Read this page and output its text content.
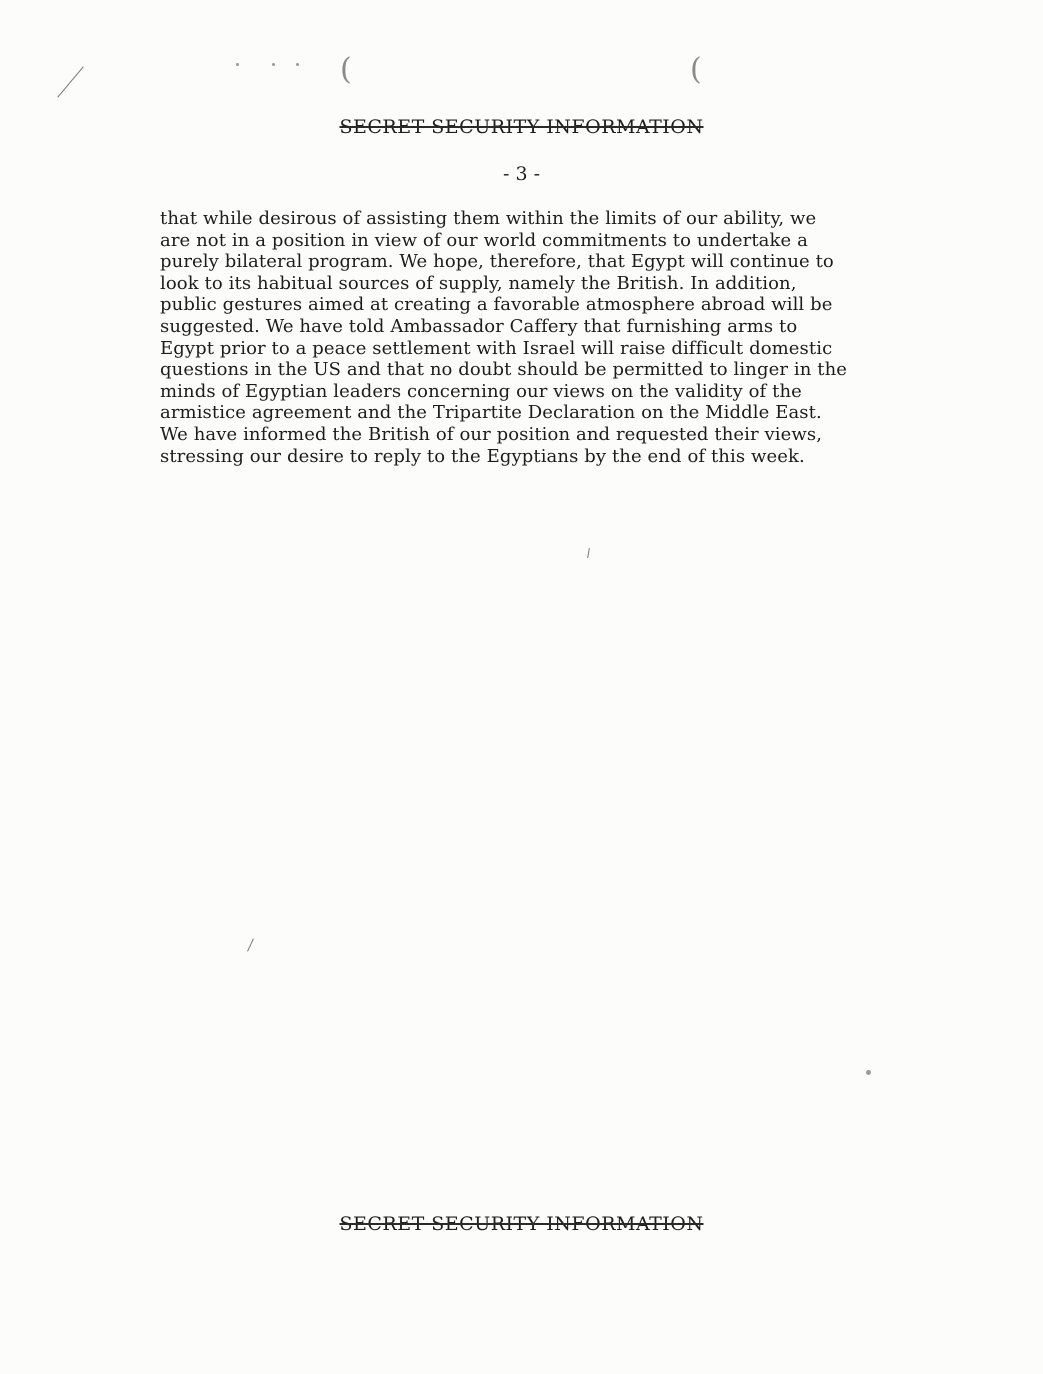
(	(
SECRET SECURITY INFORMATION
- 3 -

that while desirous of assisting them within the limits of our ability, we
are not in a position in view of our world commitments to undertake a
purely bilateral program. We hope, therefore, that Egypt will continue to
look to its habitual sources of supply, namely the British. In addition,
public gestures aimed at creating a favorable atmosphere abroad will be
suggested. We have told Ambassador Caffery that furnishing arms to
Egypt prior to a peace settlement with Israel will raise difficult domestic
questions in the US and that no doubt should be permitted to linger in the
minds of Egyptian leaders concerning our views on the validity of the
armistice agreement and the Tripartite Declaration on the Middle East.
We have informed the British of our position and requested their views,
stressing our desire to reply to the Egyptians by the end of this week.

SECRET SECURITY INFORMATION
